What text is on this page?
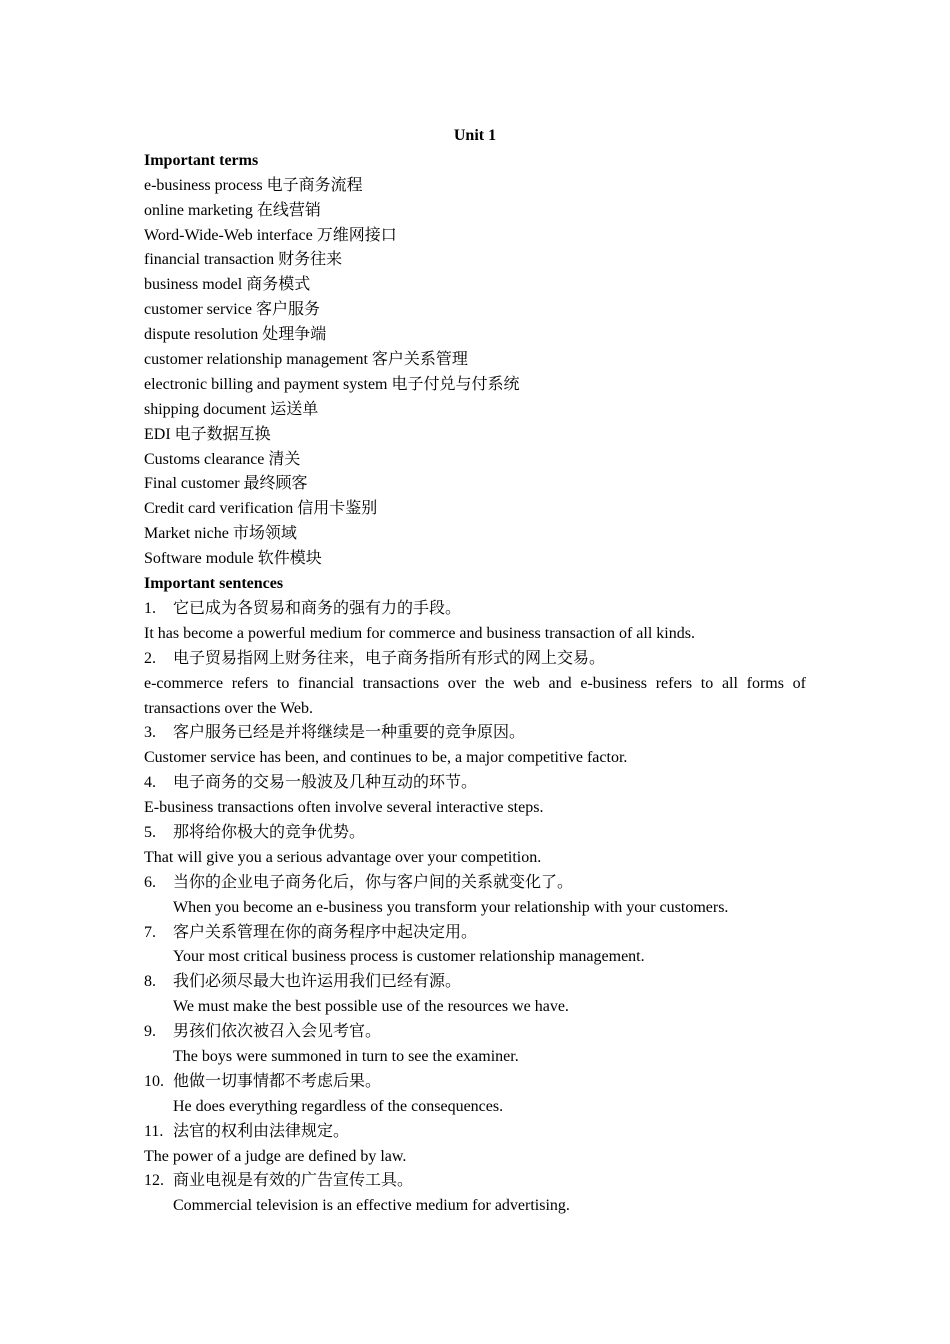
Unit 1
Important terms
e-business process 电子商务流程
online marketing 在线营销
Word-Wide-Web interface 万维网接口
financial transaction 财务往来
business model 商务模式
customer service 客户服务
dispute resolution 处理争端
customer relationship management 客户关系管理
electronic billing and payment system 电子付兑与付系统
shipping document 运送单
EDI 电子数据互换
Customs clearance 清关
Final customer 最终顾客
Credit card verification 信用卡鉴别
Market niche 市场领域
Software module 软件模块
Important sentences
1. 它已成为各贸易和商务的强有力的手段。
It has become a powerful medium for commerce and business transaction of all kinds.
2. 电子贸易指网上财务往来，电子商务指所有形式的网上交易。
e-commerce refers to financial transactions over the web and e-business refers to all forms of transactions over the Web.
3. 客户服务已经是并将继续是一种重要的竞争原因。
Customer service has been, and continues to be, a major competitive factor.
4. 电子商务的交易一般波及几种互动的环节。
E-business transactions often involve several interactive steps.
5. 那将给你极大的竞争优势。
That will give you a serious advantage over your competition.
6. 当你的企业电子商务化后，你与客户间的关系就变化了。
When you become an e-business you transform your relationship with your customers.
7. 客户关系管理在你的商务程序中起决定用。
Your most critical business process is customer relationship management.
8. 我们必须尽最大也许运用我们已经有源。
We must make the best possible use of the resources we have.
9. 男孩们依次被召入会见考官。
The boys were summoned in turn to see the examiner.
10. 他做一切事情都不考虑后果。
He does everything regardless of the consequences.
11. 法官的权利由法律规定。
The power of a judge are defined by law.
12. 商业电视是有效的广告宣传工具。
Commercial television is an effective medium for advertising.
